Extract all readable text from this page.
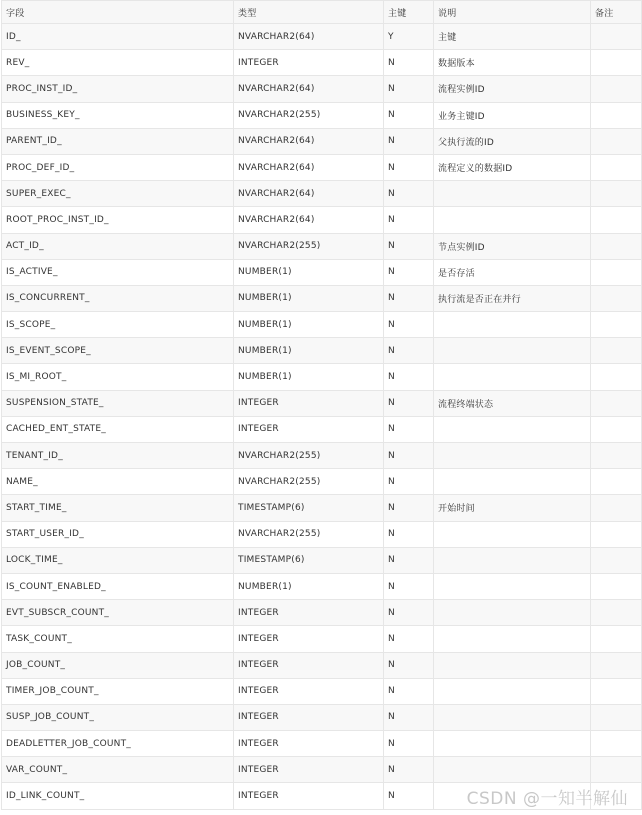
字段	类型	主键	说明	备注
ID_	NVARCHAR2(64)	Y	主键	
REV_	INTEGER	N	数据版本	
PROC_INST_ID_	NVARCHAR2(64)	N	流程实例ID	
BUSINESS_KEY_	NVARCHAR2(255)	N	业务主键ID	
PARENT_ID_	NVARCHAR2(64)	N	父执行流的ID	
PROC_DEF_ID_	NVARCHAR2(64)	N	流程定义的数据ID	
SUPER_EXEC_	NVARCHAR2(64)	N		
ROOT_PROC_INST_ID_	NVARCHAR2(64)	N		
ACT_ID_	NVARCHAR2(255)	N	节点实例ID	
IS_ACTIVE_	NUMBER(1)	N	是否存活	
IS_CONCURRENT_	NUMBER(1)	N	执行流是否正在并行	
IS_SCOPE_	NUMBER(1)	N		
IS_EVENT_SCOPE_	NUMBER(1)	N		
IS_MI_ROOT_	NUMBER(1)	N		
SUSPENSION_STATE_	INTEGER	N	流程终端状态	
CACHED_ENT_STATE_	INTEGER	N		
TENANT_ID_	NVARCHAR2(255)	N		
NAME_	NVARCHAR2(255)	N		
START_TIME_	TIMESTAMP(6)	N	开始时间	
START_USER_ID_	NVARCHAR2(255)	N		
LOCK_TIME_	TIMESTAMP(6)	N		
IS_COUNT_ENABLED_	NUMBER(1)	N		
EVT_SUBSCR_COUNT_	INTEGER	N		
TASK_COUNT_	INTEGER	N		
JOB_COUNT_	INTEGER	N		
TIMER_JOB_COUNT_	INTEGER	N		
SUSP_JOB_COUNT_	INTEGER	N		
DEADLETTER_JOB_COUNT_	INTEGER	N		
VAR_COUNT_	INTEGER	N		
ID_LINK_COUNT_	INTEGER	N			CSDN @一知半解仙
